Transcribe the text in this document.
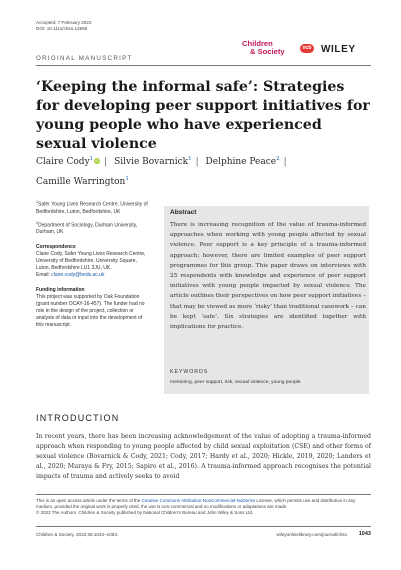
Accepted: 7 February 2022
DOI: 10.1111/chso.12555
Children
& Society	ncb WILEY
ORIGINAL MANUSCRIPT
‘Keeping the informal safe’: Strategies for developing peer support initiatives for young people who have experienced sexual violence
Claire Cody$^1$ iD | Silvie Bovarnick$^1$ | Delphine Peace$^2$ |
Camille Warrington$^1$

$^1$Safer Young Lives Research Centre, University of Bedfordshire, Luton, Bedfordshire, UK

$^2$Department of Sociology, Durham University, Durham, UK

Correspondence

Claire Cody, Safer Young Lives Research Centre, University of Bedfordshire, University Square, Luton, Bedfordshire LU1 3JU, UK.
Email: claire.cody@beds.ac.uk

Funding information

This project was supported by Oak Foundation (grant number OCAY-16-457). The funder had no role in the design of the project, collection or analysis of data or input into the development of this manuscript.

Abstract
There is increasing recognition of the value of trauma-informed approaches when working with young people affected by sexual violence. Peer support is a key principle of a trauma-informed approach; however, there are limited examples of peer support programmes for this group. This paper draws on interviews with 25 respondents with knowledge and experience of peer support initiatives with young people impacted by sexual violence. The article outlines their perspectives on how peer support initiatives – that may be viewed as more ‘risky’ than traditional casework – can be kept ‘safe’. Six strategies are identified together with implications for practice.
KEYWORDS
mentoring, peer support, risk, sexual violence, young people
INTRODUCTION
In recent years, there has been increasing acknowledgement of the value of adopting a trauma-informed approach when responding to young people affected by child sexual exploitation (CSE) and other forms of sexual violence (Bovarnick & Cody, 2021; Cody, 2017; Hardy et al., 2020; Hickle, 2019, 2020; Landers et al., 2020; Muraya & Fry, 2015; Sapiro et al., 2016). A trauma-informed approach recognises the potential impacts of trauma and actively seeks to avoid

This is an open access article under the terms of the Creative Commons Attribution-NonCommercial-NoDerivs License, which permits use and distribution in any medium, provided the original work is properly cited, the use is non-commercial and no modifications or adaptations are made.

© 2022 The Authors. Children & Society published by National Children's Bureau and John Wiley & Sons Ltd.

Children & Society. 2022;36:1043–1063.	wileyonlinelibrary.com/journal/chso 1043
